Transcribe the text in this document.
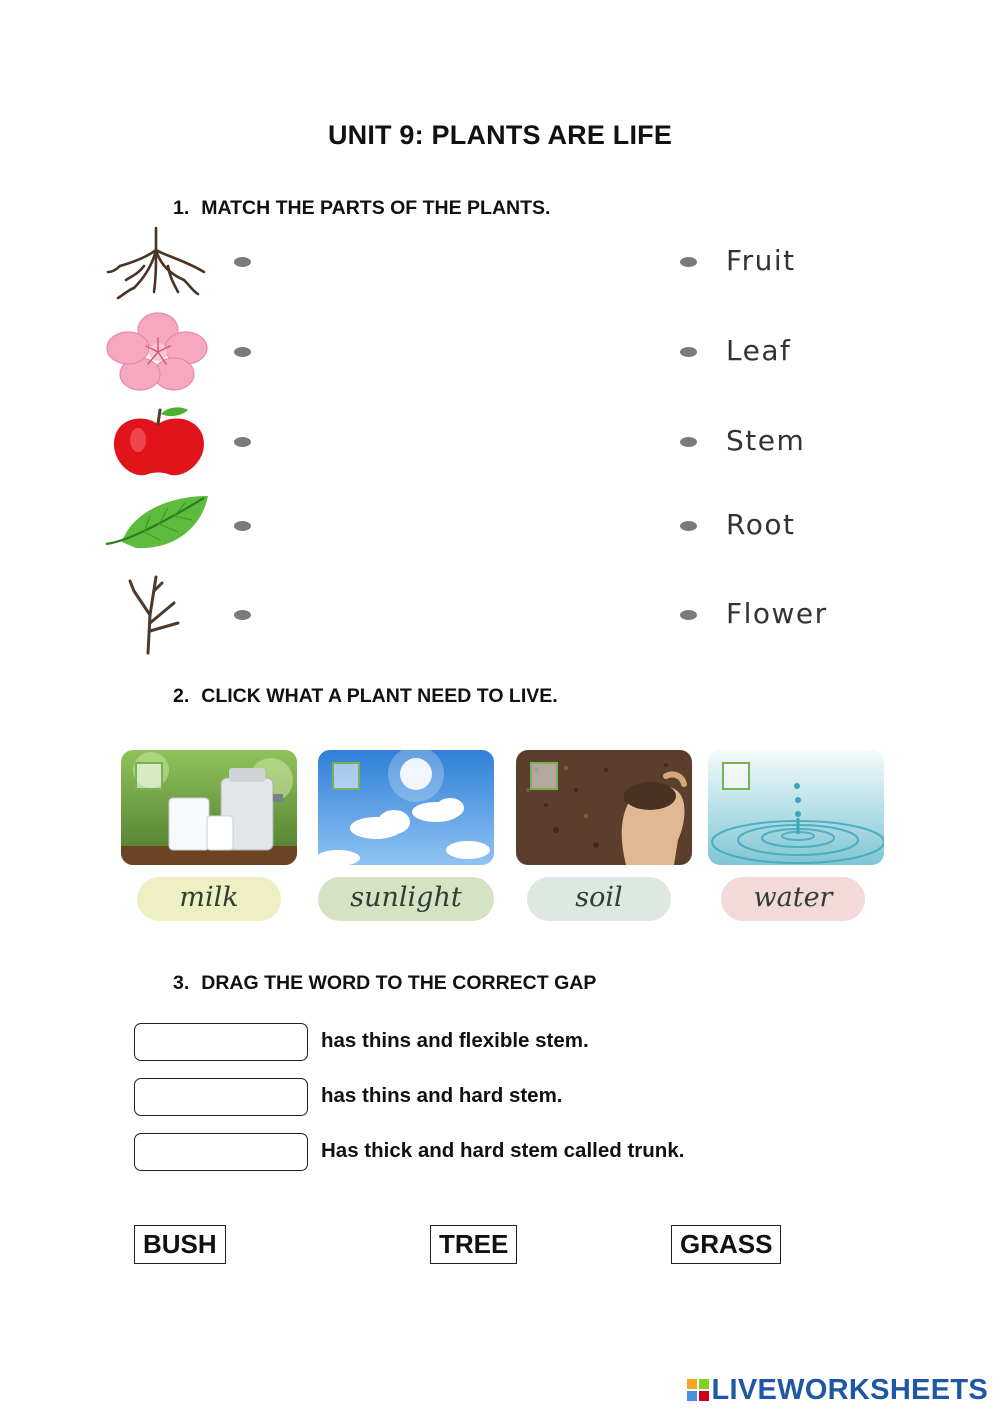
UNIT 9: PLANTS ARE LIFE
1. MATCH THE PARTS OF THE PLANTS.
Fruit
Leaf
Stem
Root
Flower
2. CLICK WHAT A PLANT NEED TO LIVE.
milk	sunlight	soil	water
3. DRAG THE WORD TO THE CORRECT GAP
has thins and flexible stem.
has thins and hard stem.
Has thick and hard stem called trunk.
BUSH	TREE	GRASS
LIVEWORKSHEETS
